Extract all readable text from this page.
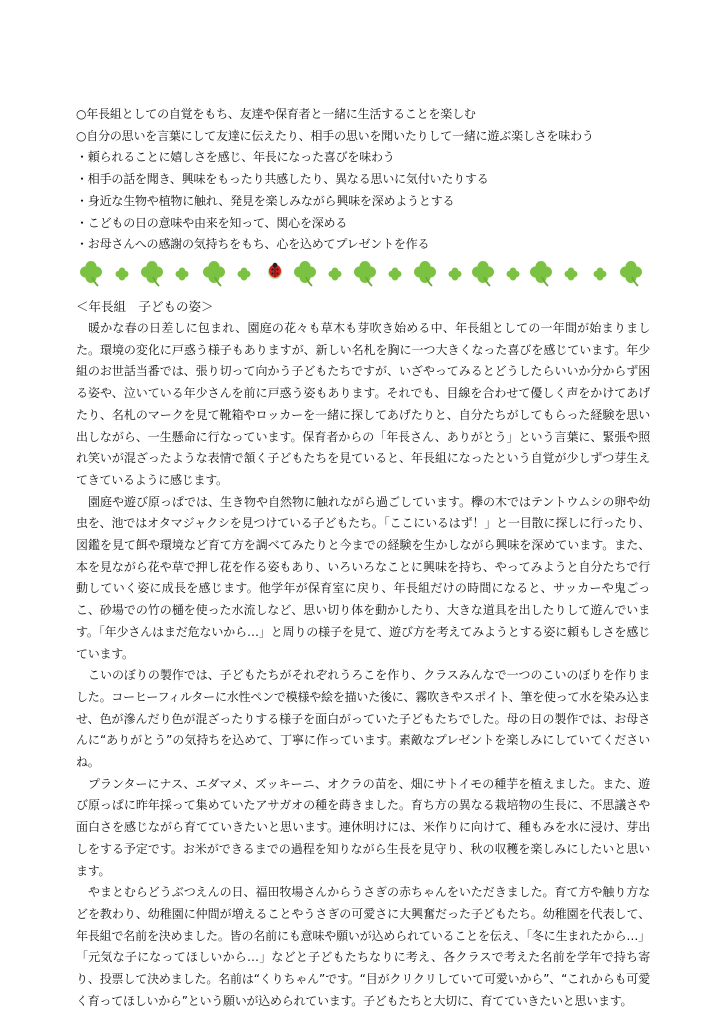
○年長組としての自覚をもち、友達や保育者と一緒に生活することを楽しむ
○自分の思いを言葉にして友達に伝えたり、相手の思いを聞いたりして一緒に遊ぶ楽しさを味わう
・頼られることに嬉しさを感じ、年長になった喜びを味わう
・相手の話を聞き、興味をもったり共感したり、異なる思いに気付いたりする
・身近な生物や植物に触れ、発見を楽しみながら興味を深めようとする
・こどもの日の意味や由来を知って、関心を深める
・お母さんへの感謝の気持ちをもち、心を込めてプレゼントを作る
＜年長組　子どもの姿＞

暖かな春の日差しに包まれ、園庭の花々も草木も芽吹き始める中、年長組としての一年間が始まりました。環境の変化に戸惑う様子もありますが、新しい名札を胸に一つ大きくなった喜びを感じています。年少組のお世話当番では、張り切って向かう子どもたちですが、いざやってみるとどうしたらいいか分からず困る姿や、泣いている年少さんを前に戸惑う姿もあります。それでも、目線を合わせて優しく声をかけてあげたり、名札のマークを見て靴箱やロッカーを一緒に探してあげたりと、自分たちがしてもらった経験を思い出しながら、一生懸命に行なっています。保育者からの「年長さん、ありがとう」という言葉に、緊張や照れ笑いが混ざったような表情で頷く子どもたちを見ていると、年長組になったという自覚が少しずつ芽生えてきているように感じます。

園庭や遊び原っぱでは、生き物や自然物に触れながら過ごしています。欅の木ではテントウムシの卵や幼虫を、池ではオタマジャクシを見つけている子どもたち。「ここにいるはず！」と一目散に探しに行ったり、図鑑を見て餌や環境など育て方を調べてみたりと今までの経験を生かしながら興味を深めています。また、本を見ながら花や草で押し花を作る姿もあり、いろいろなことに興味を持ち、やってみようと自分たちで行動していく姿に成長を感じます。他学年が保育室に戻り、年長組だけの時間になると、サッカーや鬼ごっこ、砂場での竹の樋を使った水流しなど、思い切り体を動かしたり、大きな道具を出したりして遊んでいます。「年少さんはまだ危ないから…」と周りの様子を見て、遊び方を考えてみようとする姿に頼もしさを感じています。

こいのぼりの製作では、子どもたちがそれぞれうろこを作り、クラスみんなで一つのこいのぼりを作りました。コーヒーフィルターに水性ペンで模様や絵を描いた後に、霧吹きやスポイト、筆を使って水を染み込ませ、色が滲んだり色が混ざったりする様子を面白がっていた子どもたちでした。母の日の製作では、お母さんに“ありがとう”の気持ちを込めて、丁寧に作っています。素敵なプレゼントを楽しみにしていてくださいね。

プランターにナス、エダマメ、ズッキーニ、オクラの苗を、畑にサトイモの種芋を植えました。また、遊び原っぱに昨年採って集めていたアサガオの種を蒔きました。育ち方の異なる栽培物の生長に、不思議さや面白さを感じながら育てていきたいと思います。連休明けには、米作りに向けて、種もみを水に浸け、芽出しをする予定です。お米ができるまでの過程を知りながら生長を見守り、秋の収穫を楽しみにしたいと思います。

やまとむらどうぶつえんの日、福田牧場さんからうさぎの赤ちゃんをいただきました。育て方や触り方などを教わり、幼稚園に仲間が増えることやうさぎの可愛さに大興奮だった子どもたち。幼稚園を代表して、年長組で名前を決めました。皆の名前にも意味や願いが込められていることを伝え、「冬に生まれたから…」「元気な子になってほしいから…」などと子どもたちなりに考え、各クラスで考えた名前を学年で持ち寄り、投票して決めました。名前は“くりちゃん”です。“目がクリクリしていて可愛いから”、“これからも可愛く育ってほしいから”という願いが込められています。子どもたちと大切に、育てていきたいと思います。
